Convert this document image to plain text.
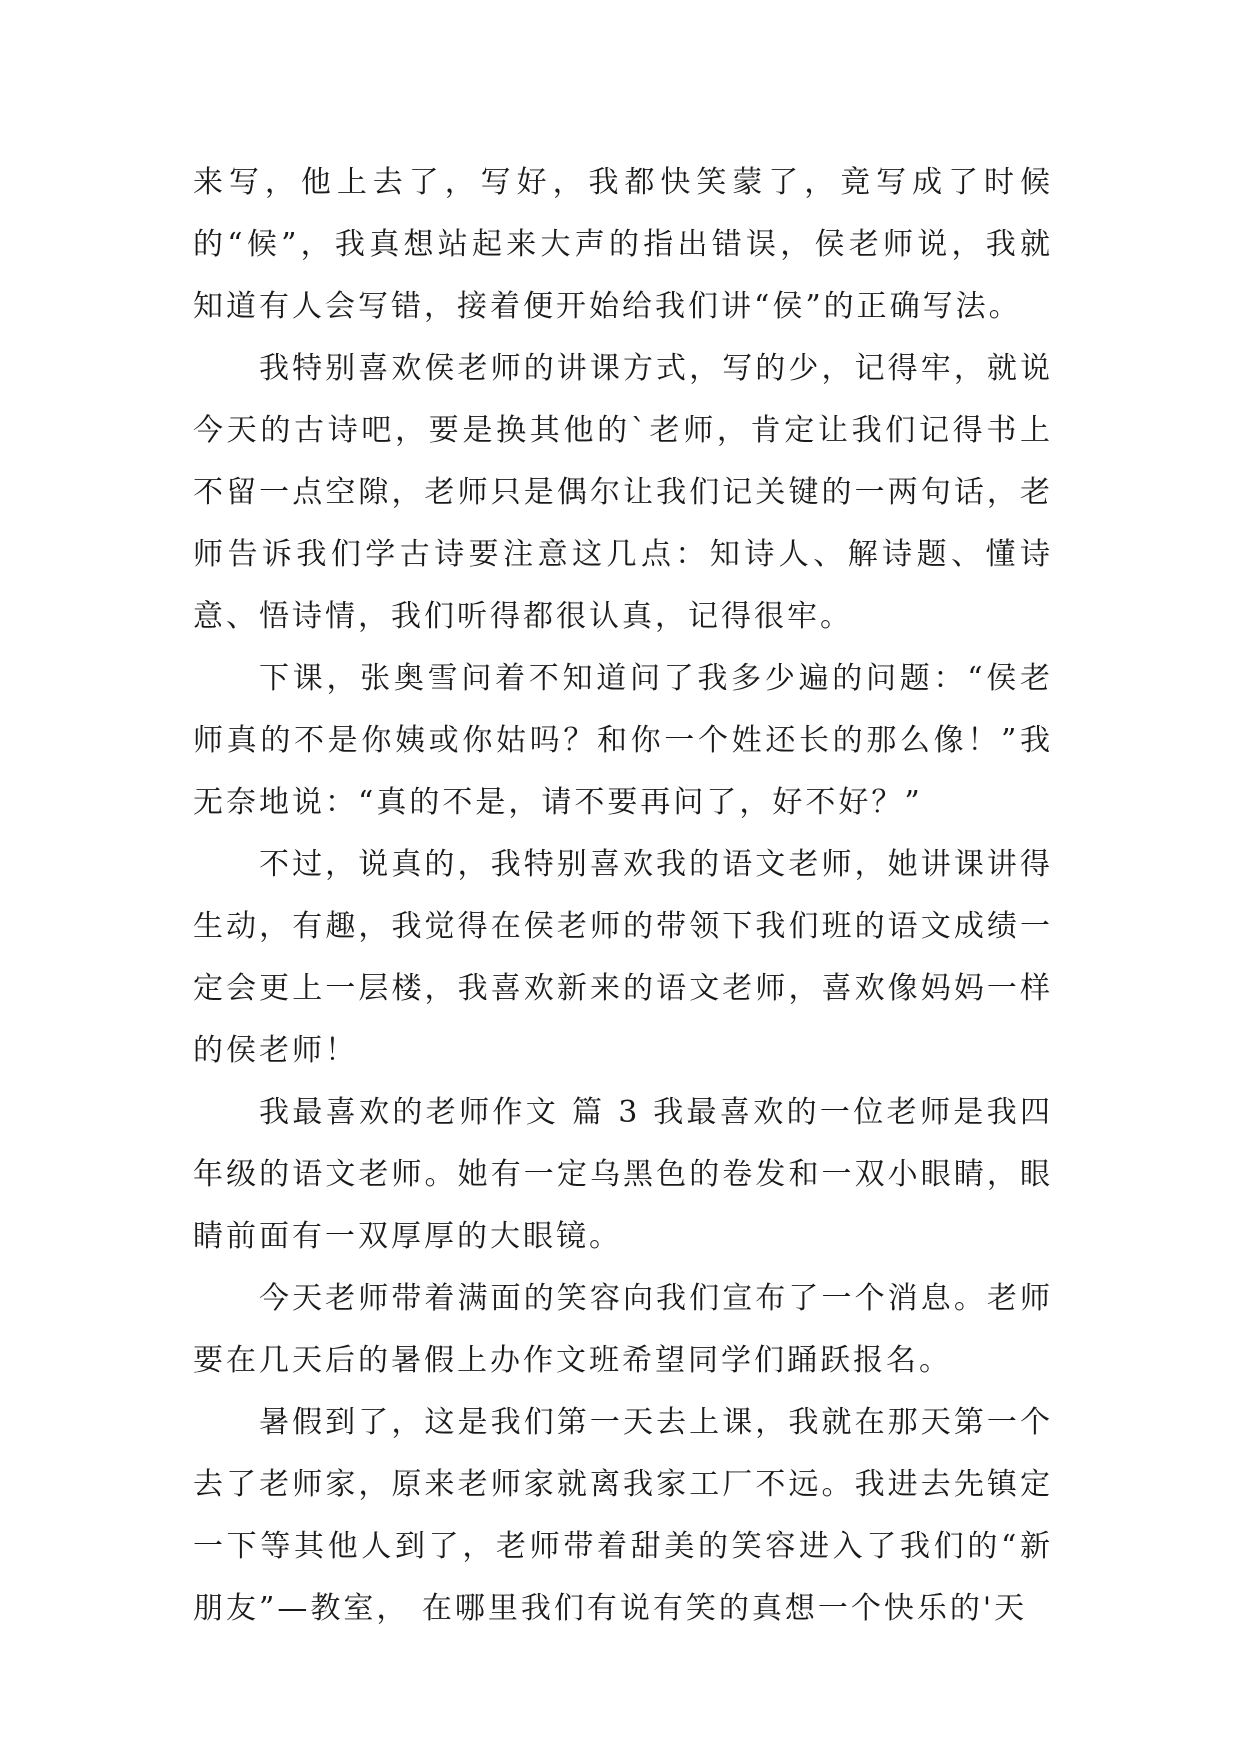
来写，他上去了，写好，我都快笑蒙了，竟写成了时候的“候”，我真想站起来大声的指出错误，侯老师说，我就知道有人会写错，接着便开始给我们讲“侯”的正确写法。

我特别喜欢侯老师的讲课方式，写的少，记得牢，就说今天的古诗吧，要是换其他的`老师，肯定让我们记得书上不留一点空隙，老师只是偶尔让我们记关键的一两句话，老师告诉我们学古诗要注意这几点：知诗人、解诗题、懂诗意、悟诗情，我们听得都很认真，记得很牢。

下课，张奥雪问着不知道问了我多少遍的问题：“侯老师真的不是你姨或你姑吗？和你一个姓还长的那么像！”我无奈地说：“真的不是，请不要再问了，好不好？”

不过，说真的，我特别喜欢我的语文老师，她讲课讲得生动，有趣，我觉得在侯老师的带领下我们班的语文成绩一定会更上一层楼，我喜欢新来的语文老师，喜欢像妈妈一样的侯老师！

我最喜欢的老师作文 篇 3 我最喜欢的一位老师是我四年级的语文老师。她有一定乌黑色的卷发和一双小眼睛，眼睛前面有一双厚厚的大眼镜。

今天老师带着满面的笑容向我们宣布了一个消息。老师要在几天后的暑假上办作文班希望同学们踊跃报名。

暑假到了，这是我们第一天去上课，我就在那天第一个去了老师家，原来老师家就离我家工厂不远。我进去先镇定一下等其他人到了，老师带着甜美的笑容进入了我们的“新朋友”—教室， 在哪里我们有说有笑的真想一个快乐的'天
